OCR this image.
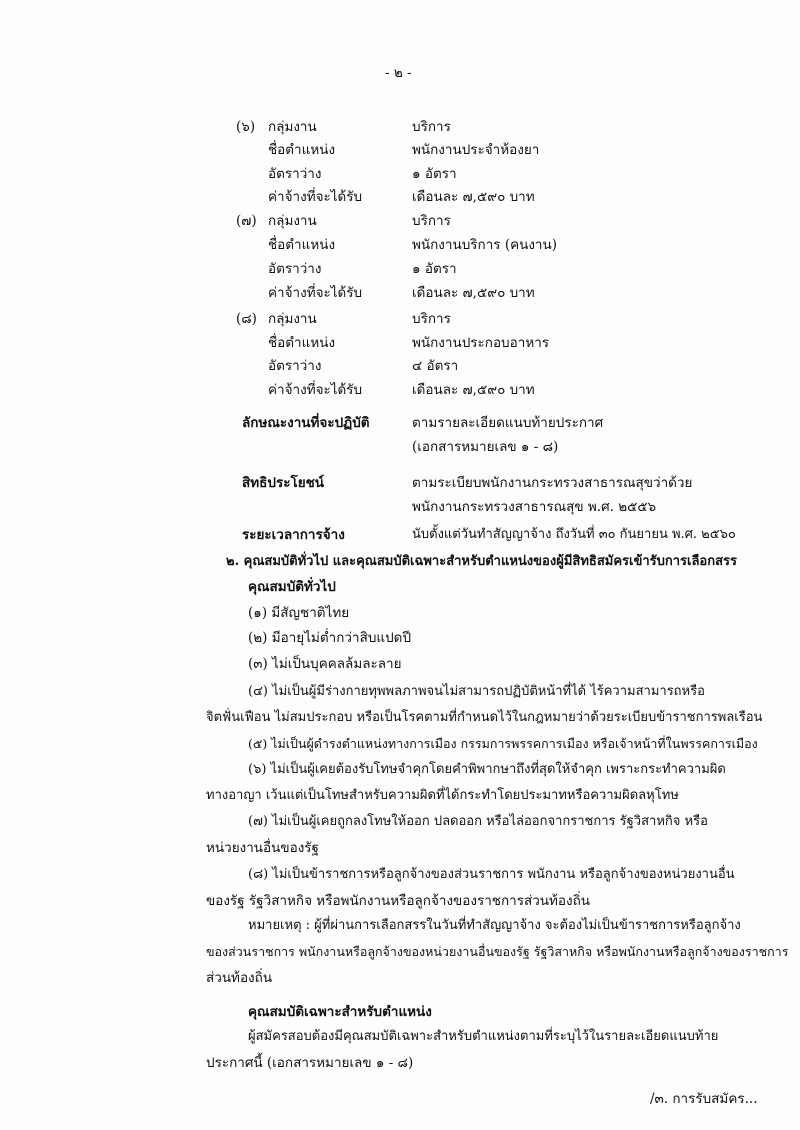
- ๒ -
(๖) กลุ่มงาน	บริการ
ชื่อตำแหน่ง	พนักงานประจำห้องยา
อัตราว่าง	๑ อัตรา
ค่าจ้างที่จะได้รับ	เดือนละ ๗,๕๙๐ บาท
(๗) กลุ่มงาน	บริการ
ชื่อตำแหน่ง	พนักงานบริการ (คนงาน)
อัตราว่าง	๑ อัตรา
ค่าจ้างที่จะได้รับ	เดือนละ ๗,๕๙๐ บาท
(๘) กลุ่มงาน	บริการ
ชื่อตำแหน่ง	พนักงานประกอบอาหาร
อัตราว่าง	๔ อัตรา
ค่าจ้างที่จะได้รับ	เดือนละ ๗,๕๙๐ บาท
ลักษณะงานที่จะปฏิบัติ	ตามรายละเอียดแนบท้ายประกาศ
(เอกสารหมายเลข ๑ - ๘)
สิทธิประโยชน์	ตามระเบียบพนักงานกระทรวงสาธารณสุขว่าด้วย
พนักงานกระทรวงสาธารณสุข พ.ศ. ๒๕๕๖
ระยะเวลาการจ้าง	นับตั้งแต่วันทำสัญญาจ้าง ถึงวันที่ ๓๐ กันยายน พ.ศ. ๒๕๖๐
๒. คุณสมบัติทั่วไป และคุณสมบัติเฉพาะสำหรับตำแหน่งของผู้มีสิทธิสมัครเข้ารับการเลือกสรร
คุณสมบัติทั่วไป
(๑) มีสัญชาติไทย
(๒) มีอายุไม่ต่ำกว่าสิบแปดปี
(๓) ไม่เป็นบุคคลล้มละลาย
(๔) ไม่เป็นผู้มีร่างกายทุพพลภาพจนไม่สามารถปฏิบัติหน้าที่ได้ ไร้ความสามารถหรือ
จิตฟั่นเฟือน ไม่สมประกอบ หรือเป็นโรคตามที่กำหนดไว้ในกฎหมายว่าด้วยระเบียบข้าราชการพลเรือน
(๕) ไม่เป็นผู้ดำรงตำแหน่งทางการเมือง กรรมการพรรคการเมือง หรือเจ้าหน้าที่ในพรรคการเมือง
(๖) ไม่เป็นผู้เคยต้องรับโทษจำคุกโดยคำพิพากษาถึงที่สุดให้จำคุก เพราะกระทำความผิด
ทางอาญา เว้นแต่เป็นโทษสำหรับความผิดที่ได้กระทำโดยประมาทหรือความผิดลหุโทษ
(๗) ไม่เป็นผู้เคยถูกลงโทษให้ออก ปลดออก หรือไล่ออกจากราชการ รัฐวิสาหกิจ หรือ
หน่วยงานอื่นของรัฐ
(๘) ไม่เป็นข้าราชการหรือลูกจ้างของส่วนราชการ พนักงาน หรือลูกจ้างของหน่วยงานอื่น
ของรัฐ รัฐวิสาหกิจ หรือพนักงานหรือลูกจ้างของราชการส่วนท้องถิ่น
หมายเหตุ : ผู้ที่ผ่านการเลือกสรรในวันที่ทำสัญญาจ้าง จะต้องไม่เป็นข้าราชการหรือลูกจ้าง
ของส่วนราชการ พนักงานหรือลูกจ้างของหน่วยงานอื่นของรัฐ รัฐวิสาหกิจ หรือพนักงานหรือลูกจ้างของราชการ
ส่วนท้องถิ่น
คุณสมบัติเฉพาะสำหรับตำแหน่ง
ผู้สมัครสอบต้องมีคุณสมบัติเฉพาะสำหรับตำแหน่งตามที่ระบุไว้ในรายละเอียดแนบท้าย
ประกาศนี้ (เอกสารหมายเลข ๑ - ๘)
/๓. การรับสมัคร...
